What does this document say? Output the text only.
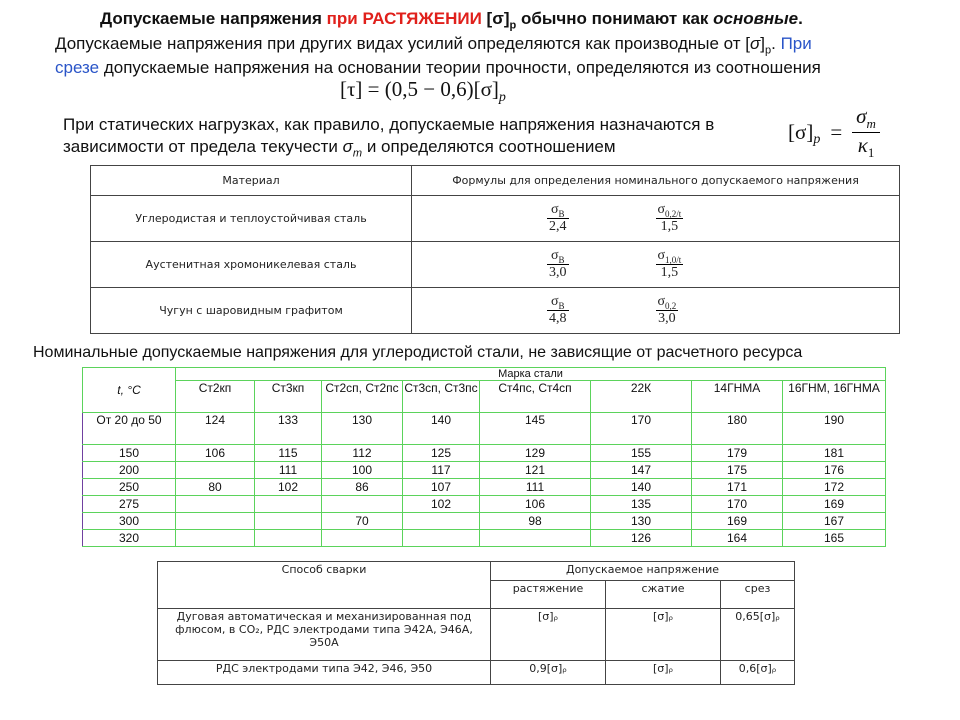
Допускаемые напряжения при РАСТЯЖЕНИИ $[\sigma]_р$ обычно понимают как основные.
Допускаемые напряжения при других видах усилий определяются как производные от $[\sigma]_р$. При
срезе допускаемые напряжения на основании теории прочности, определяются из соотношения
$[\tau] = (0,5 - 0,6)[\sigma]_p$
При статических нагрузках, как правило, допускаемые напряжения назначаются в
зависимости от предела текучести $\sigma_m$ и определяются соотношением
$[\sigma]_p = \frac{\sigma_m}{\kappa_1}$
Материал	Формулы для определения номинального допускаемого напряжения
Углеродистая и теплоустойчивая сталь	$\frac{\sigma_B}{2,4}$
$\frac{\sigma_{0,2/t}}{1,5}$

Аустенитная хромоникелевая сталь	$\frac{\sigma_B}{3,0}$
$\frac{\sigma_{1,0/t}}{1,5}$

Чугун с шаровидным графитом	$\frac{\sigma_B}{4,8}$
$\frac{\sigma_{0,2}}{3,0}$
Номинальные допускаемые напряжения для углеродистой стали, не зависящие от расчетного ресурса
t, °C	Марка стали							
	Ст2кп	Ст3кп	Ст2сп, Ст2пс	Ст3сп, Ст3пс	Ст4пс, Ст4сп	22К	14ГНМА	16ГНМ, 16ГНМА
От 20 до 50	124	133	130	140	145	170	180	190
150	106	115	112	125	129	155	179	181
200		111	100	117	121	147	175	176
250	80	102	86	107	111	140	171	172
275				102	106	135	170	169
300			70		98	130	169	167
320						126	164	165
Способ сварки	Допускаемое напряжение		
	растяжение	сжатие	срез
Дуговая автоматическая и механизированная под флюсом, в CO₂, РДС электродами типа Э42А, Э46А, Э50А	[σ]ᵨ	[σ]ᵨ	0,65[σ]ᵨ
РДС электродами типа Э42, Э46, Э50	0,9[σ]ᵨ	[σ]ᵨ	0,6[σ]ᵨ
